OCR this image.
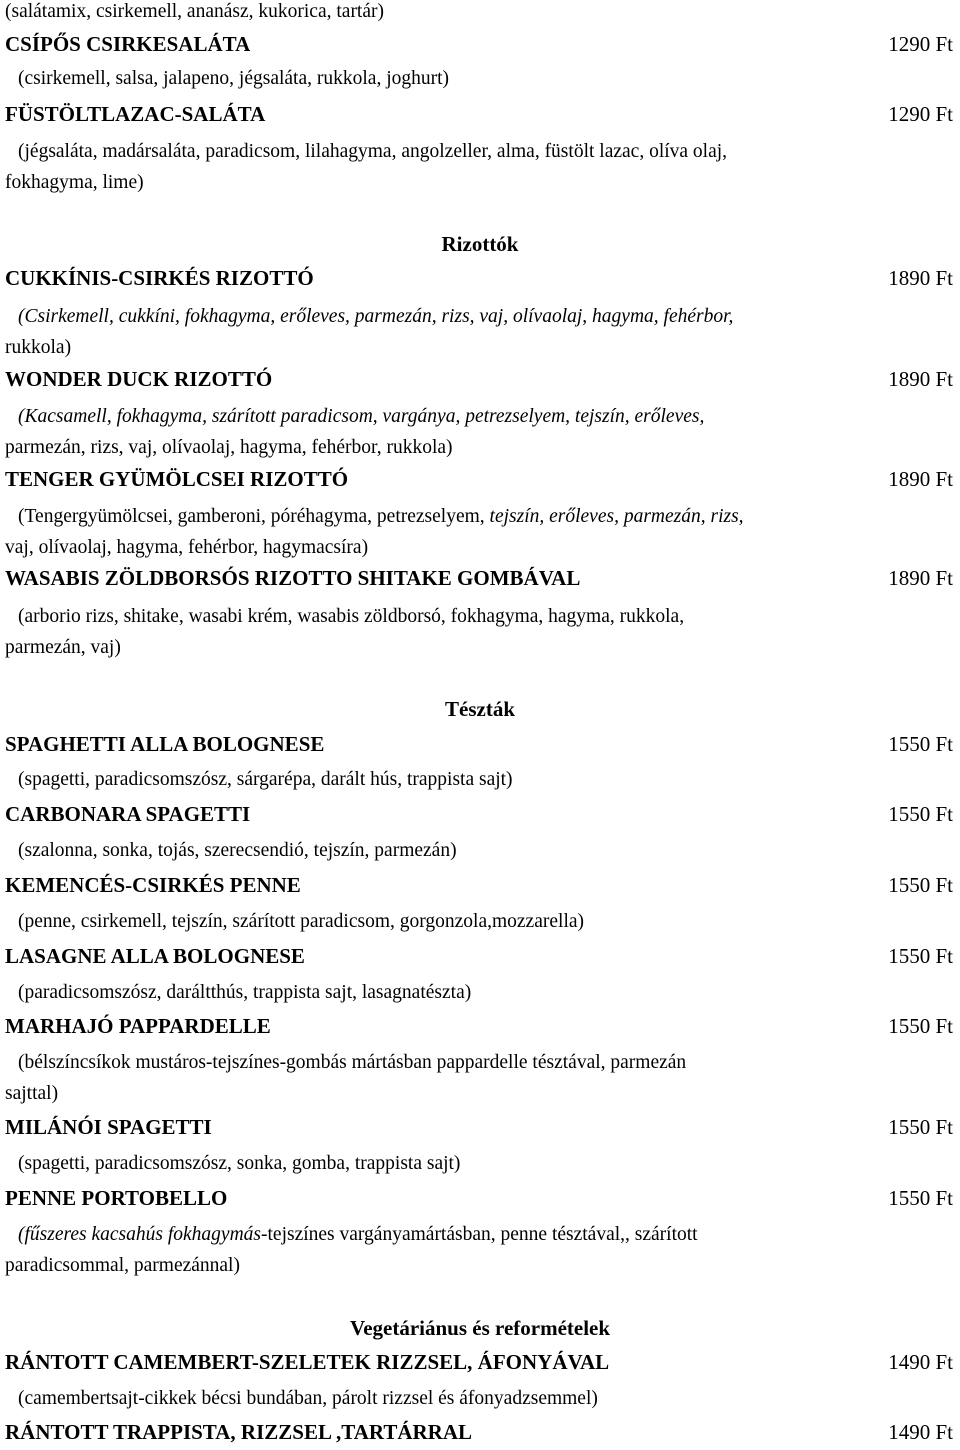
(salátamix, csirkemell, ananász, kukorica, tartár)
CSÍPŐS CSIRKESALÁTA	1290 Ft
(csirkemell, salsa, jalapeno, jégsaláta, rukkola, joghurt)
FÜSTÖLTLAZAC-SALÁTA	1290 Ft
(jégsaláta, madársaláta, paradicsom, lilahagyma, angolzeller, alma, füstölt lazac, olíva olaj,
fokhagyma, lime)
Rizottók
CUKKÍNIS-CSIRKÉS RIZOTTÓ	1890 Ft
(Csirkemell, cukkíni, fokhagyma, erőleves, parmezán, rizs, vaj, olívaolaj, hagyma, fehérbor,
rukkola)
WONDER DUCK RIZOTTÓ	1890 Ft
(Kacsamell, fokhagyma, szárított paradicsom, vargánya, petrezselyem, tejszín, erőleves,
parmezán, rizs, vaj, olívaolaj, hagyma, fehérbor, rukkola)
TENGER GYÜMÖLCSEI RIZOTTÓ	1890 Ft
(Tengergyümölcsei, gamberoni, póréhagyma, petrezselyem, tejszín, erőleves, parmezán, rizs,
vaj, olívaolaj, hagyma, fehérbor, hagymacsíra)
WASABIS ZÖLDBORSÓS RIZOTTO SHITAKE GOMBÁVAL	1890 Ft
(arborio rizs, shitake, wasabi krém, wasabis zöldborsó, fokhagyma, hagyma, rukkola,
parmezán, vaj)
Tészták
SPAGHETTI ALLA BOLOGNESE	1550 Ft
(spagetti, paradicsomszósz, sárgarépa, darált hús, trappista sajt)
CARBONARA SPAGETTI	1550 Ft
(szalonna, sonka, tojás, szerecsendió, tejszín, parmezán)
KEMENCÉS-CSIRKÉS PENNE	1550 Ft
(penne, csirkemell, tejszín, szárított paradicsom, gorgonzola,mozzarella)
LASAGNE ALLA BOLOGNESE	1550 Ft
(paradicsomszósz, daráltthús, trappista sajt, lasagnatészta)
MARHAJÓ PAPPARDELLE	1550 Ft
(bélszíncsíkok mustáros-tejszínes-gombás mártásban pappardelle tésztával, parmezán
sajttal)
MILÁNÓI SPAGETTI	1550 Ft
(spagetti, paradicsomszósz, sonka, gomba, trappista sajt)
PENNE PORTOBELLO	1550 Ft
(fűszeres kacsahús fokhagymás-tejszínes vargányamártásban, penne tésztával,, szárított
paradicsommal, parmezánnal)
Vegetáriánus és reformételek
RÁNTOTT CAMEMBERT-SZELETEK RIZZSEL, ÁFONYÁVAL	1490 Ft
(camembertsajt-cikkek bécsi bundában, párolt rizzsel és áfonyadzsemmel)
RÁNTOTT TRAPPISTA, RIZZSEL ,TARTÁRRAL	1490 Ft
